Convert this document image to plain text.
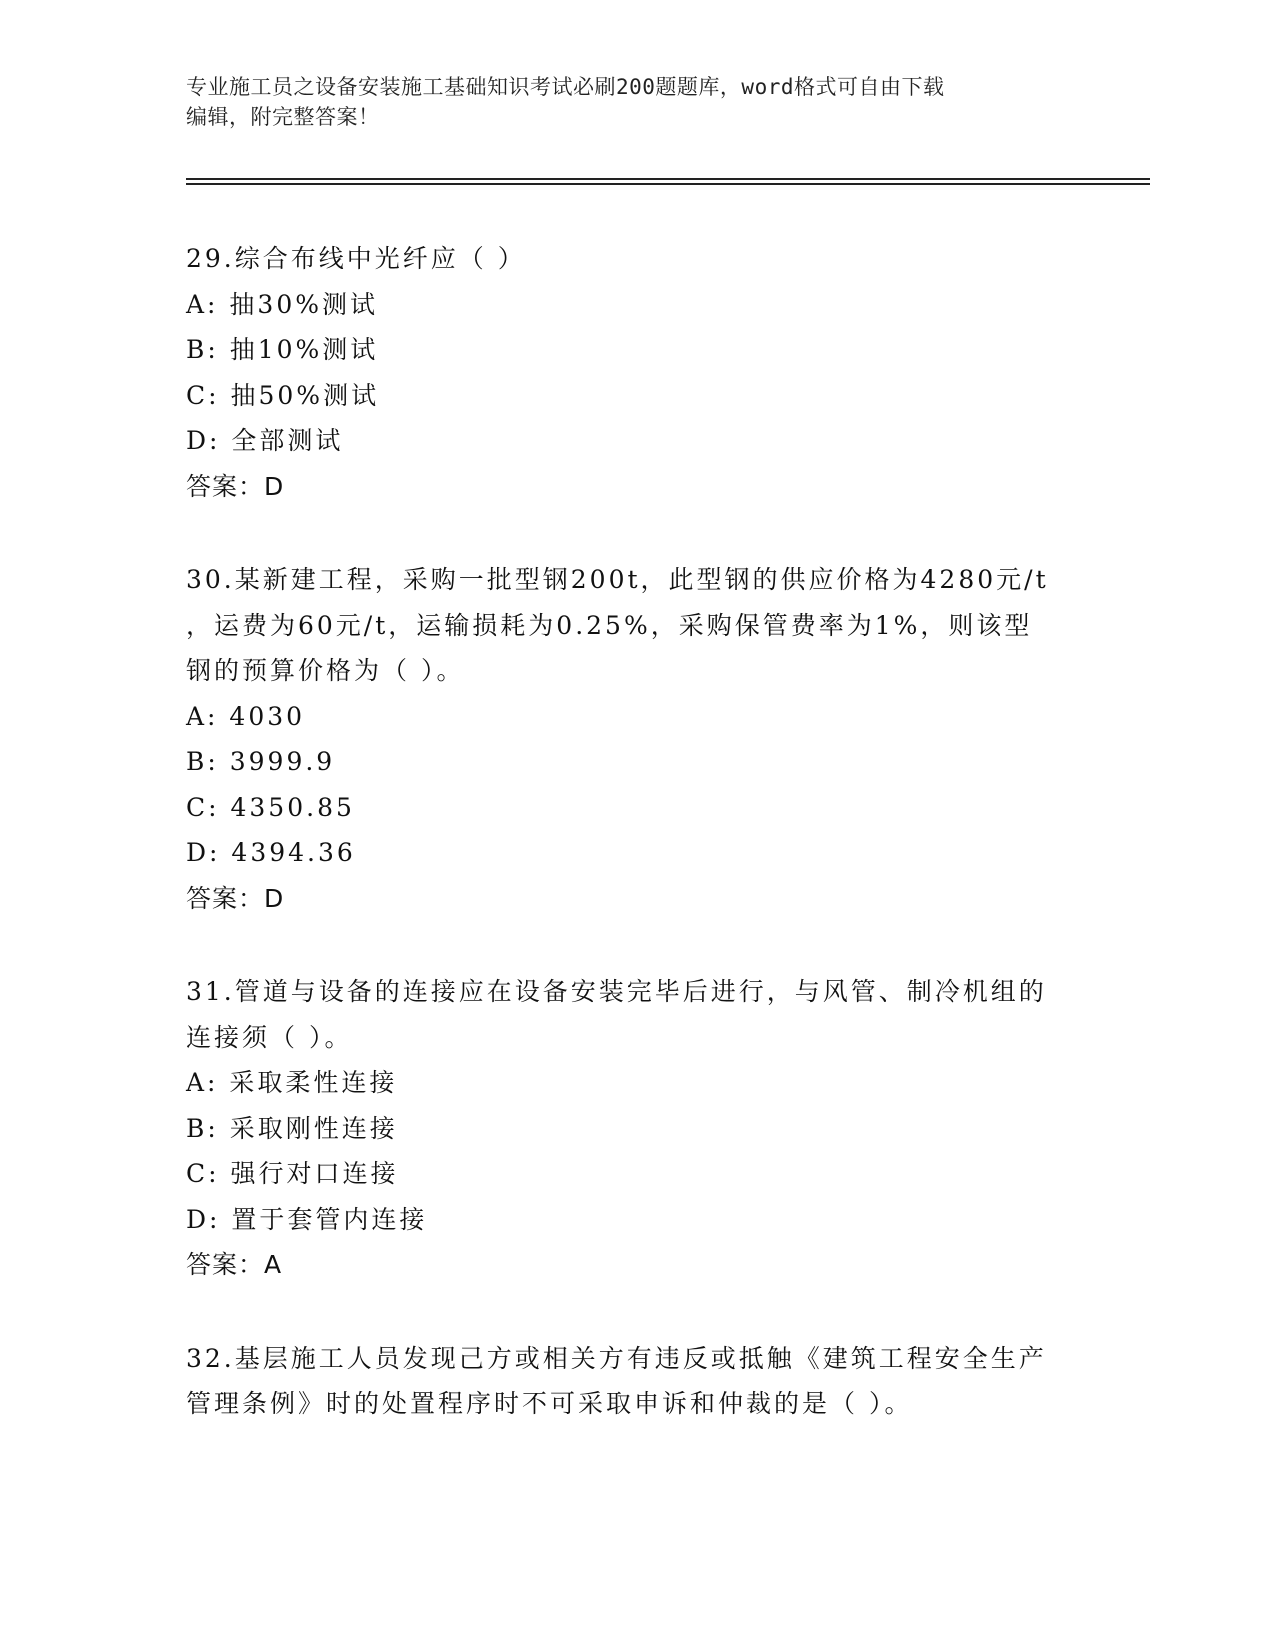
专业施工员之设备安装施工基础知识考试必刷200题题库，word格式可自由下载
编辑，附完整答案！
29.综合布线中光纤应（ ）
A: 抽30%测试
B: 抽10%测试
C: 抽50%测试
D: 全部测试
答案：D
30.某新建工程，采购一批型钢200t，此型钢的供应价格为4280元/t
，运费为60元/t，运输损耗为0.25%，采购保管费率为1%，则该型
钢的预算价格为（ ）。
A: 4030
B: 3999.9
C: 4350.85
D: 4394.36
答案：D
31.管道与设备的连接应在设备安装完毕后进行，与风管、制冷机组的
连接须（ ）。
A: 采取柔性连接
B: 采取刚性连接
C: 强行对口连接
D: 置于套管内连接
答案：A
32.基层施工人员发现己方或相关方有违反或抵触《建筑工程安全生产
管理条例》时的处置程序时不可采取申诉和仲裁的是（ ）。
